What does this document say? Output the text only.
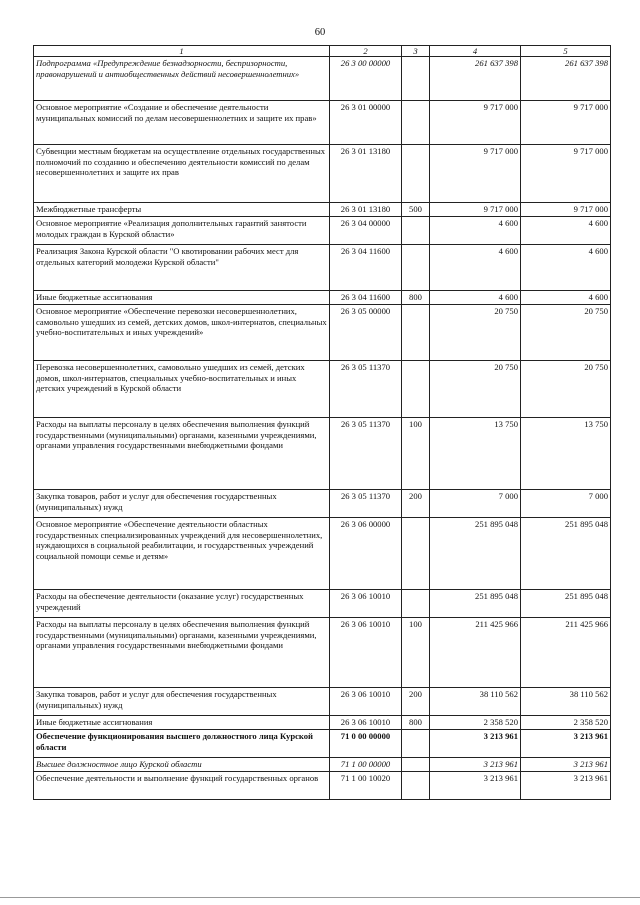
60
1	2	3	4	5
Подпрограмма «Предупреждение безнадзорности, беспризорности, правонарушений и антиобщественных действий несовершеннолетних»	26 3 00 00000		261 637 398	261 637 398
Основное мероприятие «Создание и обеспечение деятельности муниципальных комиссий по делам несовершеннолетних и защите их прав»	26 3 01 00000		9 717 000	9 717 000
Субвенции местным бюджетам на осуществление отдельных государственных полномочий по созданию и обеспечению деятельности комиссий по делам несовершеннолетних и защите их прав	26 3 01 13180		9 717 000	9 717 000
Межбюджетные трансферты	26 3 01 13180	500	9 717 000	9 717 000
Основное мероприятие «Реализация дополнительных гарантий занятости молодых граждан в Курской области»	26 3 04 00000		4 600	4 600
Реализация Закона Курской области "О квотировании рабочих мест для отдельных категорий молодежи Курской области"	26 3 04 11600		4 600	4 600
Иные бюджетные ассигнования	26 3 04 11600	800	4 600	4 600
Основное мероприятие «Обеспечение перевозки несовершеннолетних, самовольно ушедших из семей, детских домов, школ-интернатов, специальных учебно-воспитательных и иных учреждений»	26 3 05 00000		20 750	20 750
Перевозка несовершеннолетних, самовольно ушедших из семей, детских домов, школ-интернатов, специальных учебно-воспитательных и иных детских учреждений в Курской области	26 3 05 11370		20 750	20 750
Расходы на выплаты персоналу в целях обеспечения выполнения функций государственными (муниципальными) органами, казенными учреждениями, органами управления государственными внебюджетными фондами	26 3 05 11370	100	13 750	13 750
Закупка товаров, работ и услуг для обеспечения государственных (муниципальных) нужд	26 3 05 11370	200	7 000	7 000
Основное мероприятие «Обеспечение деятельности областных государственных специализированных учреждений для несовершеннолетних, нуждающихся в социальной реабилитации, и государственных учреждений социальной помощи семье и детям»	26 3 06 00000		251 895 048	251 895 048
Расходы на обеспечение деятельности (оказание услуг) государственных учреждений	26 3 06 10010		251 895 048	251 895 048
Расходы на выплаты персоналу в целях обеспечения выполнения функций государственными (муниципальными) органами, казенными учреждениями, органами управления государственными внебюджетными фондами	26 3 06 10010	100	211 425 966	211 425 966
Закупка товаров, работ и услуг для обеспечения государственных (муниципальных) нужд	26 3 06 10010	200	38 110 562	38 110 562
Иные бюджетные ассигнования	26 3 06 10010	800	2 358 520	2 358 520
Обеспечение функционирования высшего должностного лица Курской области	71 0 00 00000		3 213 961	3 213 961
Высшее должностное лицо Курской области	71 1 00 00000		3 213 961	3 213 961
Обеспечение деятельности и выполнение функций государственных органов	71 1 00 10020		3 213 961	3 213 961
